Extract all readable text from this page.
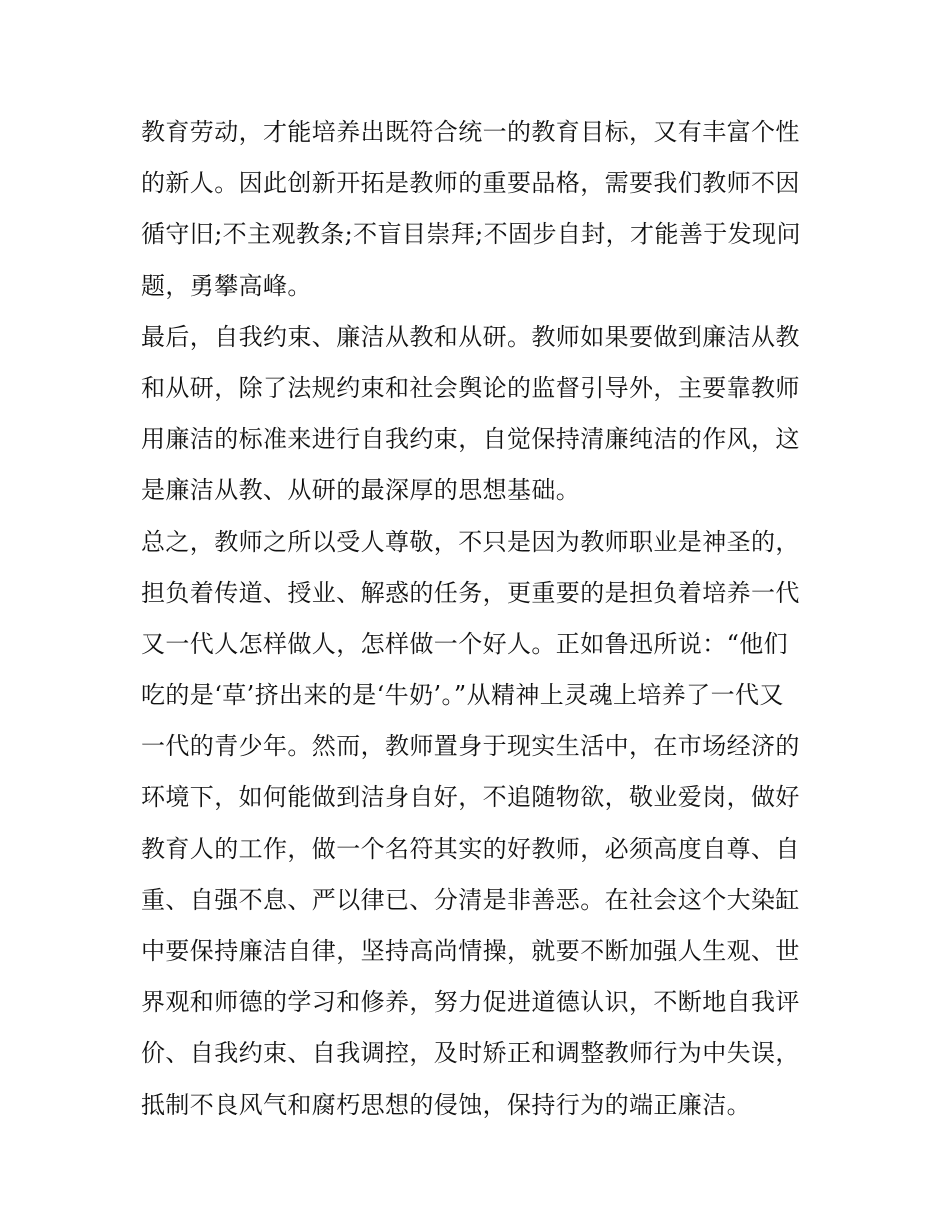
教育劳动，才能培养出既符合统一的教育目标，又有丰富个性
的新人。因此创新开拓是教师的重要品格，需要我们教师不因
循守旧;不主观教条;不盲目崇拜;不固步自封，才能善于发现问
题，勇攀高峰。
最后，自我约束、廉洁从教和从研。教师如果要做到廉洁从教
和从研，除了法规约束和社会舆论的监督引导外，主要靠教师
用廉洁的标准来进行自我约束，自觉保持清廉纯洁的作风，这
是廉洁从教、从研的最深厚的思想基础。
总之，教师之所以受人尊敬，不只是因为教师职业是神圣的，
担负着传道、授业、解惑的任务，更重要的是担负着培养一代
又一代人怎样做人，怎样做一个好人。正如鲁迅所说：“他们
吃的是‘草’挤出来的是‘牛奶’。”从精神上灵魂上培养了一代又
一代的青少年。然而，教师置身于现实生活中，在市场经济的
环境下，如何能做到洁身自好，不追随物欲，敬业爱岗，做好
教育人的工作，做一个名符其实的好教师，必须高度自尊、自
重、自强不息、严以律已、分清是非善恶。在社会这个大染缸
中要保持廉洁自律，坚持高尚情操，就要不断加强人生观、世
界观和师德的学习和修养，努力促进道德认识，不断地自我评
价、自我约束、自我调控，及时矫正和调整教师行为中失误，
抵制不良风气和腐朽思想的侵蚀，保持行为的端正廉洁。
